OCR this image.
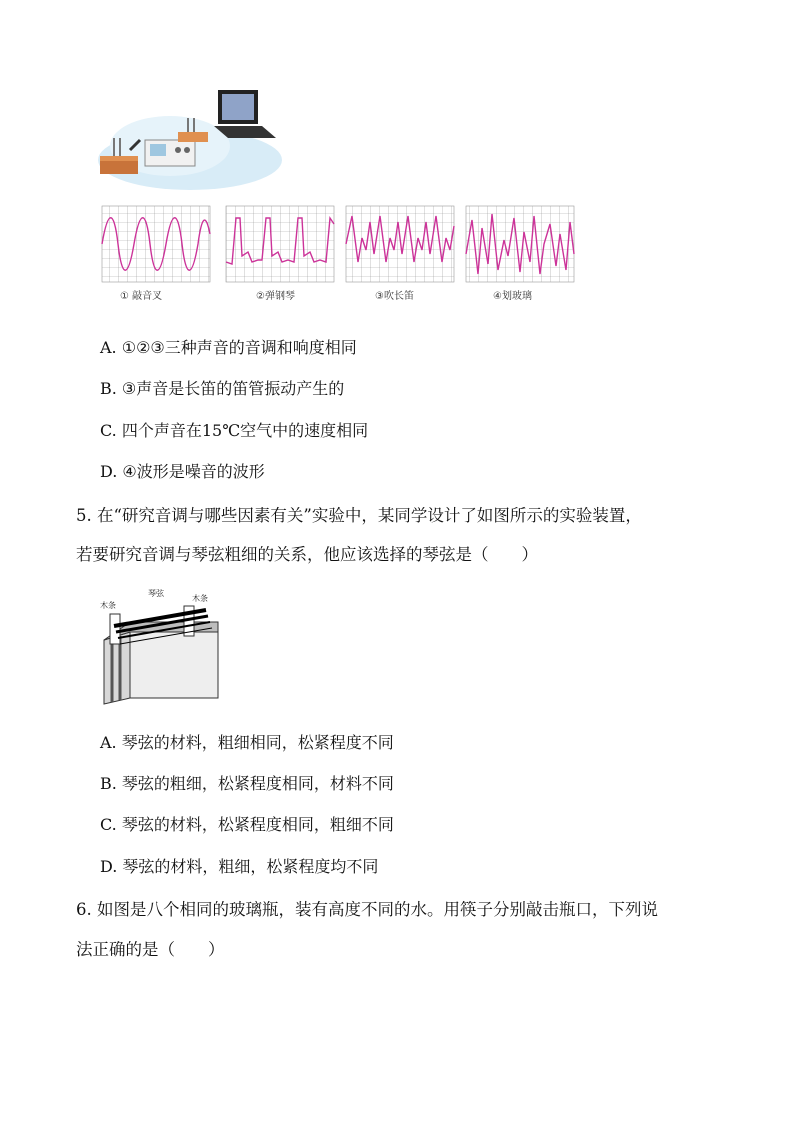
① 敲音叉	②弹钢琴	③吹长笛	④划玻璃
A. ①②③三种声音的音调和响度相同
B. ③声音是长笛的笛管振动产生的
C. 四个声音在15℃空气中的速度相同
D. ④波形是噪音的波形
5. 在“研究音调与哪些因素有关”实验中，某同学设计了如图所示的实验装置，
若要研究音调与琴弦粗细的关系，他应该选择的琴弦是（　　）
木条
琴弦
木条
A. 琴弦的材料，粗细相同，松紧程度不同
B. 琴弦的粗细，松紧程度相同，材料不同
C. 琴弦的材料，松紧程度相同，粗细不同
D. 琴弦的材料，粗细，松紧程度均不同
6. 如图是八个相同的玻璃瓶，装有高度不同的水。用筷子分别敲击瓶口，下列说
法正确的是（　　）
